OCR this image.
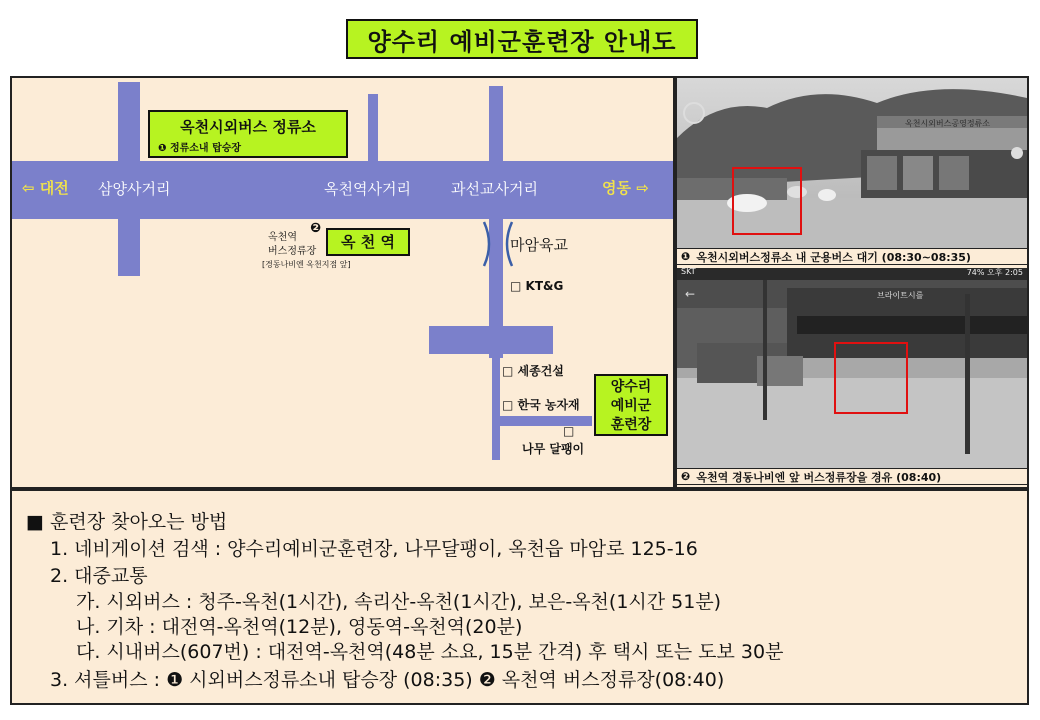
양수리 예비군훈련장 안내도
⇦ 대전	영동 ⇨
삼양사거리	옥천역사거리	과선교사거리
옥천시외버스 정류소
❶ 정류소내 탑승장
옥천역
❷
버스정류장
[경동나비엔 옥천지점 앞]
옥 천 역	마암육교
□ KT&G
□ 세종건설
□ 한국 농자재
□
나무 달팽이
양수리
예비군
훈련장
옥천시외버스공영정류소
❶ 옥천시외버스정류소 내 군용버스 대기 (08:30~08:35)
←
SKT	74% 오후 2:05
브라이트시를
❷ 옥천역 경동나비엔 앞 버스정류장을 경유 (08:40)
■ 훈련장 찾아오는 방법
1. 네비게이션 검색 : 양수리예비군훈련장, 나무달팽이, 옥천읍 마암로 125-16
2. 대중교통
가. 시외버스 : 청주-옥천(1시간), 속리산-옥천(1시간), 보은-옥천(1시간 51분)
나. 기차 : 대전역-옥천역(12분), 영동역-옥천역(20분)
다. 시내버스(607번) : 대전역-옥천역(48분 소요, 15분 간격) 후 택시 또는 도보 30분
3. 셔틀버스 : ❶ 시외버스정류소내 탑승장 (08:35) ❷ 옥천역 버스정류장(08:40)
